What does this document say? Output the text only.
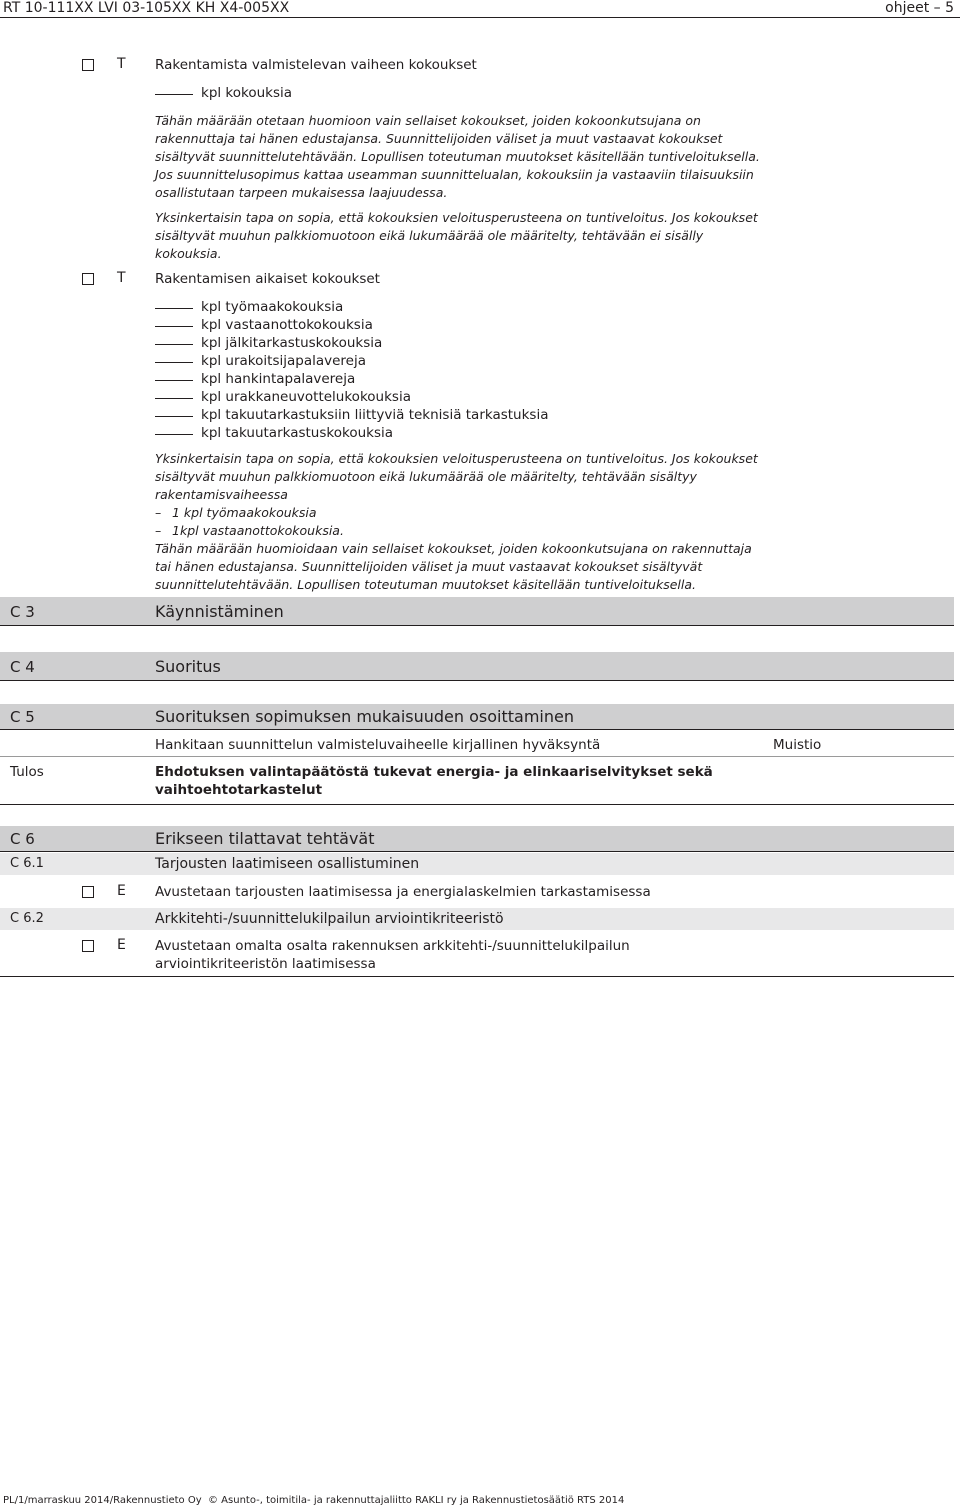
RT 10-111XX LVI 03-105XX KH X4-005XX	ohjeet – 5
T Rakentamista valmistelevan vaiheen kokoukset
kpl kokouksia
Tähän määrään otetaan huomioon vain sellaiset kokoukset, joiden kokoonkutsujana on rakennuttaja tai hänen edustajansa. Suunnittelijoiden väliset ja muut vastaavat kokoukset sisältyvät suunnittelutehtävään. Lopullisen toteutuman muutokset käsitellään tuntiveloituksella. Jos suunnittelusopimus kattaa useamman suunnittelualan, kokouksiin ja vastaaviin tilaisuuksiin osallistutaan tarpeen mukaisessa laajuudessa.
Yksinkertaisin tapa on sopia, että kokouksien veloitusperusteena on tuntiveloitus. Jos kokoukset sisältyvät muuhun palkkiomuotoon eikä lukumäärää ole määritelty, tehtävään ei sisälly kokouksia.
T Rakentamisen aikaiset kokoukset
kpl työmaakokouksia
kpl vastaanottokokouksia
kpl jälkitarkastuskokouksia
kpl urakoitsijapalavereja
kpl hankintapalavereja
kpl urakkaneuvottelukokouksia
kpl takuutarkastuksiin liittyviä teknisiä tarkastuksia
kpl takuutarkastuskokouksia
Yksinkertaisin tapa on sopia, että kokouksien veloitusperusteena on tuntiveloitus. Jos kokoukset sisältyvät muuhun palkkiomuotoon eikä lukumäärää ole määritelty, tehtävään sisältyy rakentamisvaiheessa
– 1 kpl työmaakokouksia
– 1kpl vastaanottokokouksia.
Tähän määrään huomioidaan vain sellaiset kokoukset, joiden kokoonkutsujana on rakennuttaja tai hänen edustajansa. Suunnittelijoiden väliset ja muut vastaavat kokoukset sisältyvät suunnittelutehtävään. Lopullisen toteutuman muutokset käsitellään tuntiveloituksella.
C 3	Käynnistäminen
C 4	Suoritus
C 5	Suorituksen sopimuksen mukaisuuden osoittaminen
Hankitaan suunnittelun valmisteluvaiheelle kirjallinen hyväksyntä	Muistio
Tulos	Ehdotuksen valintapäätöstä tukevat energia- ja elinkaariselvitykset sekä vaihtoehtotarkastelut
C 6	Erikseen tilattavat tehtävät
C 6.1	Tarjousten laatimiseen osallistuminen
E Avustetaan tarjousten laatimisessa ja energialaskelmien tarkastamisessa
C 6.2	Arkkitehti-/suunnittelukilpailun arviointikriteeristö
E Avustetaan omalta osalta rakennuksen arkkitehti-/suunnittelukilpailun arviointikriteeristön laatimisessa
PL/1/marraskuu 2014/Rakennustieto Oy © Asunto-, toimitila- ja rakennuttajaliitto RAKLI ry ja Rakennustietosäätiö RTS 2014
